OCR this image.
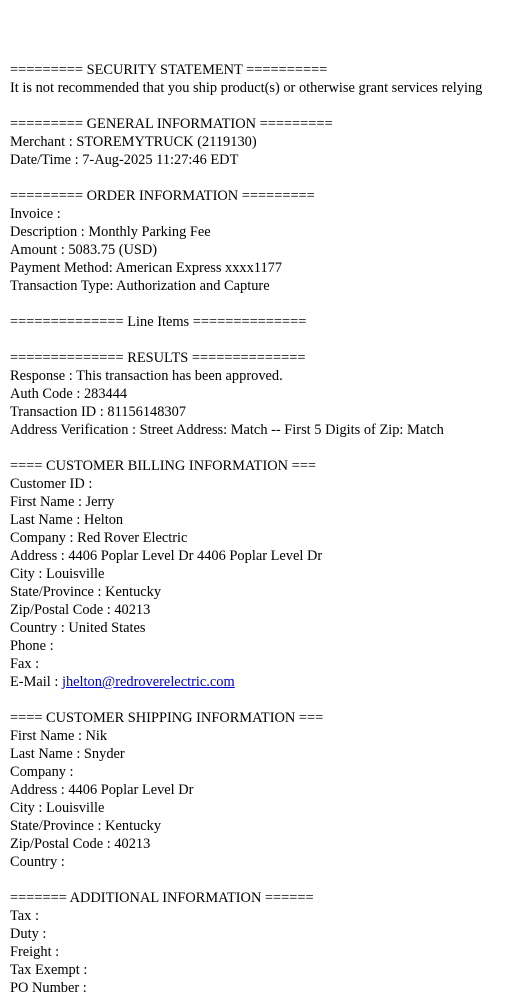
========= SECURITY STATEMENT ==========
It is not recommended that you ship product(s) or otherwise grant services relying
========= GENERAL INFORMATION =========
Merchant : STOREMYTRUCK (2119130)
Date/Time : 7-Aug-2025 11:27:46 EDT
========= ORDER INFORMATION =========
Invoice :
Description : Monthly Parking Fee
Amount : 5083.75 (USD)
Payment Method: American Express xxxx1177
Transaction Type: Authorization and Capture
============== Line Items ==============
============== RESULTS ==============
Response : This transaction has been approved.
Auth Code : 283444
Transaction ID : 81156148307
Address Verification : Street Address: Match -- First 5 Digits of Zip: Match
==== CUSTOMER BILLING INFORMATION ===
Customer ID :
First Name : Jerry
Last Name : Helton
Company : Red Rover Electric
Address : 4406 Poplar Level Dr 4406 Poplar Level Dr
City : Louisville
State/Province : Kentucky
Zip/Postal Code : 40213
Country : United States
Phone :
Fax :
E-Mail : jhelton@redroverelectric.com
==== CUSTOMER SHIPPING INFORMATION ===
First Name : Nik
Last Name : Snyder
Company :
Address : 4406 Poplar Level Dr
City : Louisville
State/Province : Kentucky
Zip/Postal Code : 40213
Country :
======= ADDITIONAL INFORMATION ======
Tax :
Duty :
Freight :
Tax Exempt :
PO Number :
